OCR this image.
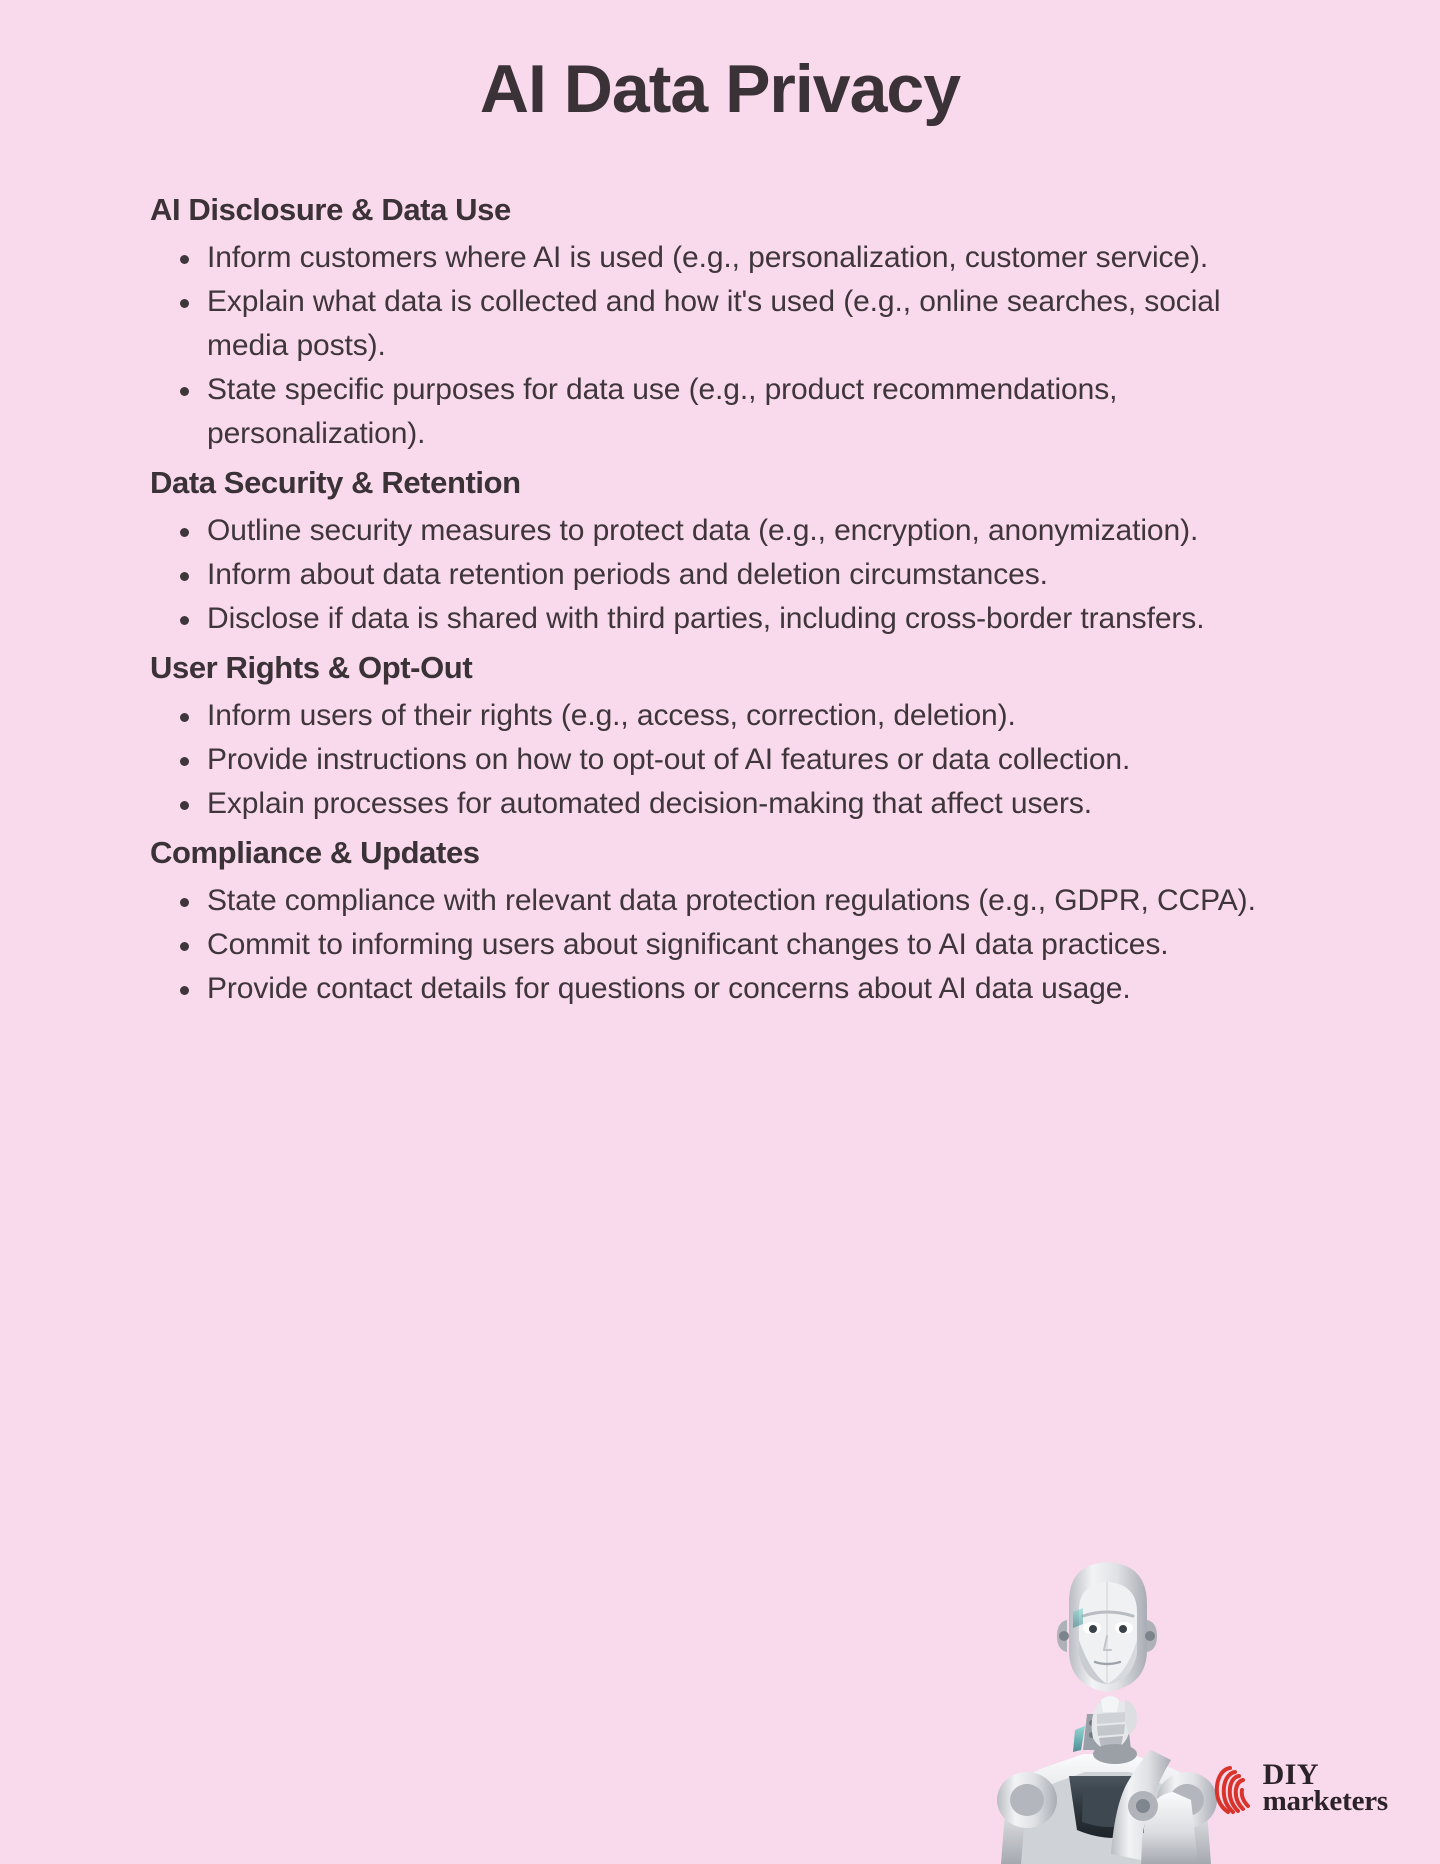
AI Data Privacy
AI Disclosure & Data Use
Inform customers where AI is used (e.g., personalization, customer service).
Explain what data is collected and how it's used (e.g., online searches, social media posts).
State specific purposes for data use (e.g., product recommendations, personalization).
Data Security & Retention
Outline security measures to protect data (e.g., encryption, anonymization).
Inform about data retention periods and deletion circumstances.
Disclose if data is shared with third parties, including cross-border transfers.
User Rights & Opt-Out
Inform users of their rights (e.g., access, correction, deletion).
Provide instructions on how to opt-out of AI features or data collection.
Explain processes for automated decision-making that affect users.
Compliance & Updates
State compliance with relevant data protection regulations (e.g., GDPR, CCPA).
Commit to informing users about significant changes to AI data practices.
Provide contact details for questions or concerns about AI data usage.
DIY
marketers
